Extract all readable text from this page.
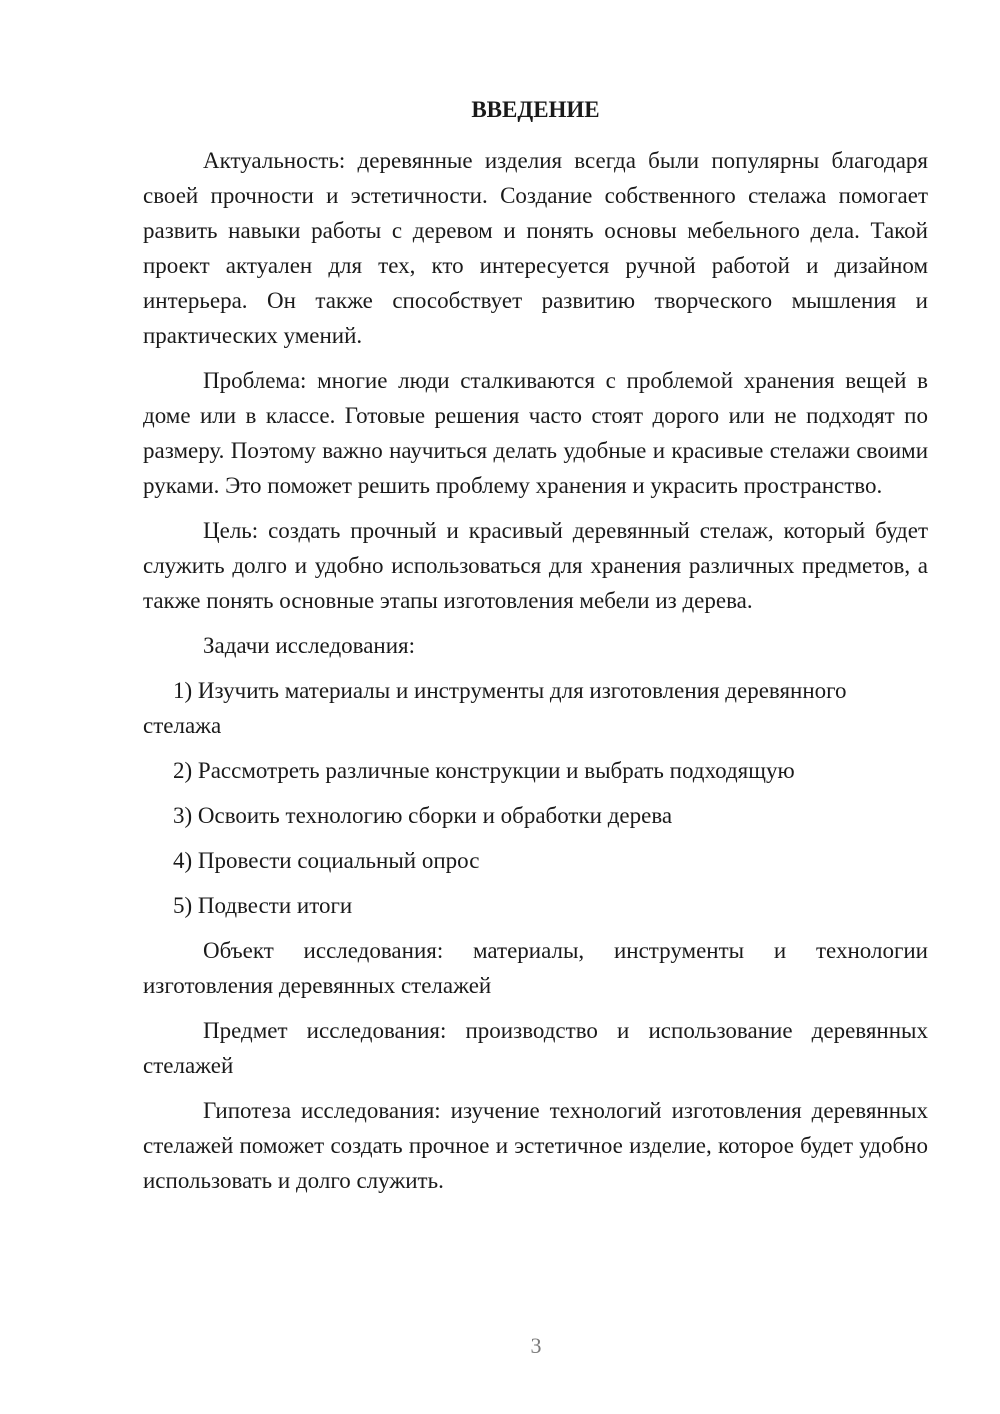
ВВЕДЕНИЕ

Актуальность: деревянные изделия всегда были популярны благодаря своей прочности и эстетичности. Создание собственного стелажа помогает развить навыки работы с деревом и понять основы мебельного дела. Такой проект актуален для тех, кто интересуется ручной работой и дизайном интерьера. Он также способствует развитию творческого мышления и практических умений.

Проблема: многие люди сталкиваются с проблемой хранения вещей в доме или в классе. Готовые решения часто стоят дорого или не подходят по размеру. Поэтому важно научиться делать удобные и красивые стелажи своими руками. Это поможет решить проблему хранения и украсить пространство.

Цель: создать прочный и красивый деревянный стелаж, который будет служить долго и удобно использоваться для хранения различных предметов, а также понять основные этапы изготовления мебели из дерева.

Задачи исследования:

1) Изучить материалы и инструменты для изготовления деревянного стелажа

2) Рассмотреть различные конструкции и выбрать подходящую

3) Освоить технологию сборки и обработки дерева

4) Провести социальный опрос

5) Подвести итоги

Объект исследования: материалы, инструменты и технологии изготовления деревянных стелажей

Предмет исследования: производство и использование деревянных стелажей

Гипотеза исследования: изучение технологий изготовления деревянных стелажей поможет создать прочное и эстетичное изделие, которое будет удобно использовать и долго служить.

3
